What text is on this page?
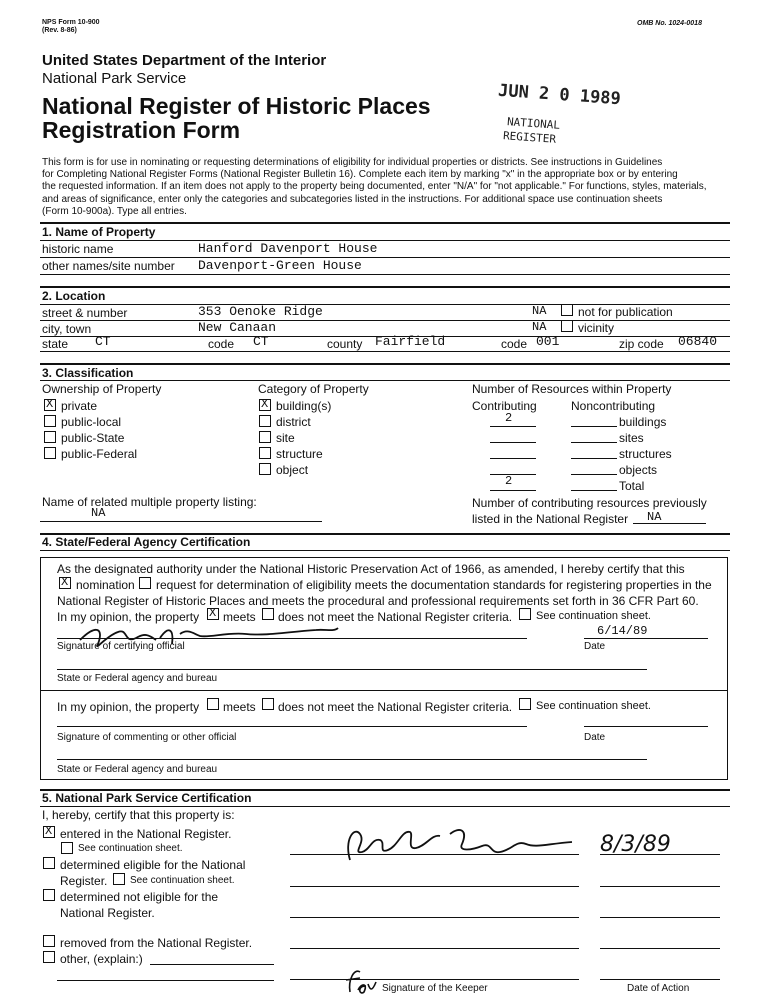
NPS Form 10-900
(Rev. 8-86)
OMB No. 1024-0018
United States Department of the Interior
National Park Service
National Register of Historic Places
Registration Form
JUN 2 0 1989
NATIONAL
REGISTER
This form is for use in nominating or requesting determinations of eligibility for individual properties or districts. See instructions in Guidelines
for Completing National Register Forms (National Register Bulletin 16). Complete each item by marking "x" in the appropriate box or by entering
the requested information. If an item does not apply to the property being documented, enter "N/A" for "not applicable." For functions, styles, materials,
and areas of significance, enter only the categories and subcategories listed in the instructions. For additional space use continuation sheets
(Form 10-900a). Type all entries.
1. Name of Property
historic name	Hanford Davenport House
other names/site number Davenport-Green House
2. Location
street & number	353 Oenoke Ridge	NA	not for publication
city, town	New Canaan	NA	vicinity
state CT	code CT	county Fairfield	code 001	zip code 06840
3. Classification
Ownership of Property	Category of Property	Number of Resources within Property
X
private
public-local
public-State
public-Federal
X
building(s)
district
site
structure
object
Contributing	Noncontributing
2	buildings
sites
structures
objects
2	Total
Name of related multiple property listing:
NA
Number of contributing resources previously
listed in the National Register NA
4. State/Federal Agency Certification
As the designated authority under the National Historic Preservation Act of 1966, as amended, I hereby certify that this
X
nomination request for determination of eligibility meets the documentation standards for registering properties in the
National Register of Historic Places and meets the procedural and professional requirements set forth in 36 CFR Part 60.
In my opinion, the property
X meets does not meet the National Register criteria. See continuation sheet.
6/14/89
Signature of certifying official	Date
State or Federal agency and bureau
In my opinion, the property meets does not meet the National Register criteria. See continuation sheet.
Signature of commenting or other official	Date
State or Federal agency and bureau
5. National Park Service Certification
I, hereby, certify that this property is:
X
entered in the National Register.
See continuation sheet.
determined eligible for the National
Register. See continuation sheet.
determined not eligible for the
National Register.
removed from the National Register.
other, (explain:)
8/3/89
Signature of the Keeper	Date of Action
